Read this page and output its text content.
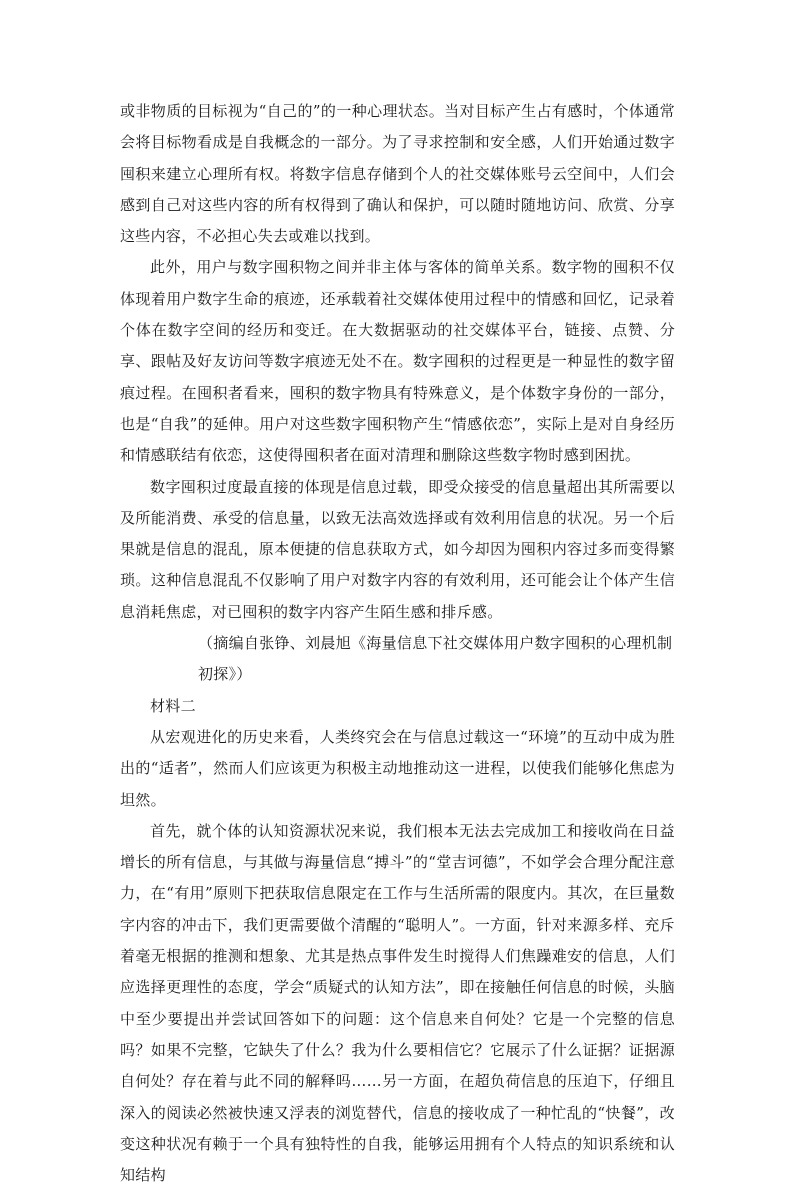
或非物质的目标视为“自己的”的一种心理状态。当对目标产生占有感时，个体通常会将目标物看成是自我概念的一部分。为了寻求控制和安全感，人们开始通过数字囤积来建立心理所有权。将数字信息存储到个人的社交媒体账号云空间中，人们会感到自己对这些内容的所有权得到了确认和保护，可以随时随地访问、欣赏、分享这些内容，不必担心失去或难以找到。

此外，用户与数字囤积物之间并非主体与客体的简单关系。数字物的囤积不仅体现着用户数字生命的痕迹，还承载着社交媒体使用过程中的情感和回忆，记录着个体在数字空间的经历和变迁。在大数据驱动的社交媒体平台，链接、点赞、分享、跟帖及好友访问等数字痕迹无处不在。数字囤积的过程更是一种显性的数字留痕过程。在囤积者看来，囤积的数字物具有特殊意义，是个体数字身份的一部分，也是“自我”的延伸。用户对这些数字囤积物产生“情感依恋”，实际上是对自身经历和情感联结有依恋，这使得囤积者在面对清理和删除这些数字物时感到困扰。

数字囤积过度最直接的体现是信息过载，即受众接受的信息量超出其所需要以及所能消费、承受的信息量，以致无法高效选择或有效利用信息的状况。另一个后果就是信息的混乱，原本便捷的信息获取方式，如今却因为囤积内容过多而变得繁琐。这种信息混乱不仅影响了用户对数字内容的有效利用，还可能会让个体产生信息消耗焦虑，对已囤积的数字内容产生陌生感和排斥感。

（摘编自张铮、刘晨旭《海量信息下社交媒体用户数字囤积的心理机制初探》）

材料二

从宏观进化的历史来看，人类终究会在与信息过载这一“环境”的互动中成为胜出的“适者”，然而人们应该更为积极主动地推动这一进程，以使我们能够化焦虑为坦然。

首先，就个体的认知资源状况来说，我们根本无法去完成加工和接收尚在日益增长的所有信息，与其做与海量信息“搏斗”的“堂吉诃德”，不如学会合理分配注意力，在“有用”原则下把获取信息限定在工作与生活所需的限度内。其次，在巨量数字内容的冲击下，我们更需要做个清醒的“聪明人”。一方面，针对来源多样、充斥着毫无根据的推测和想象、尤其是热点事件发生时搅得人们焦躁难安的信息，人们应选择更理性的态度，学会“质疑式的认知方法”，即在接触任何信息的时候，头脑中至少要提出并尝试回答如下的问题：这个信息来自何处？它是一个完整的信息吗？如果不完整，它缺失了什么？我为什么要相信它？它展示了什么证据？证据源自何处？存在着与此不同的解释吗……另一方面，在超负荷信息的压迫下，仔细且深入的阅读必然被快速又浮表的浏览替代，信息的接收成了一种忙乱的“快餐”，改变这种状况有赖于一个具有独特性的自我，能够运用拥有个人特点的知识系统和认知结构
